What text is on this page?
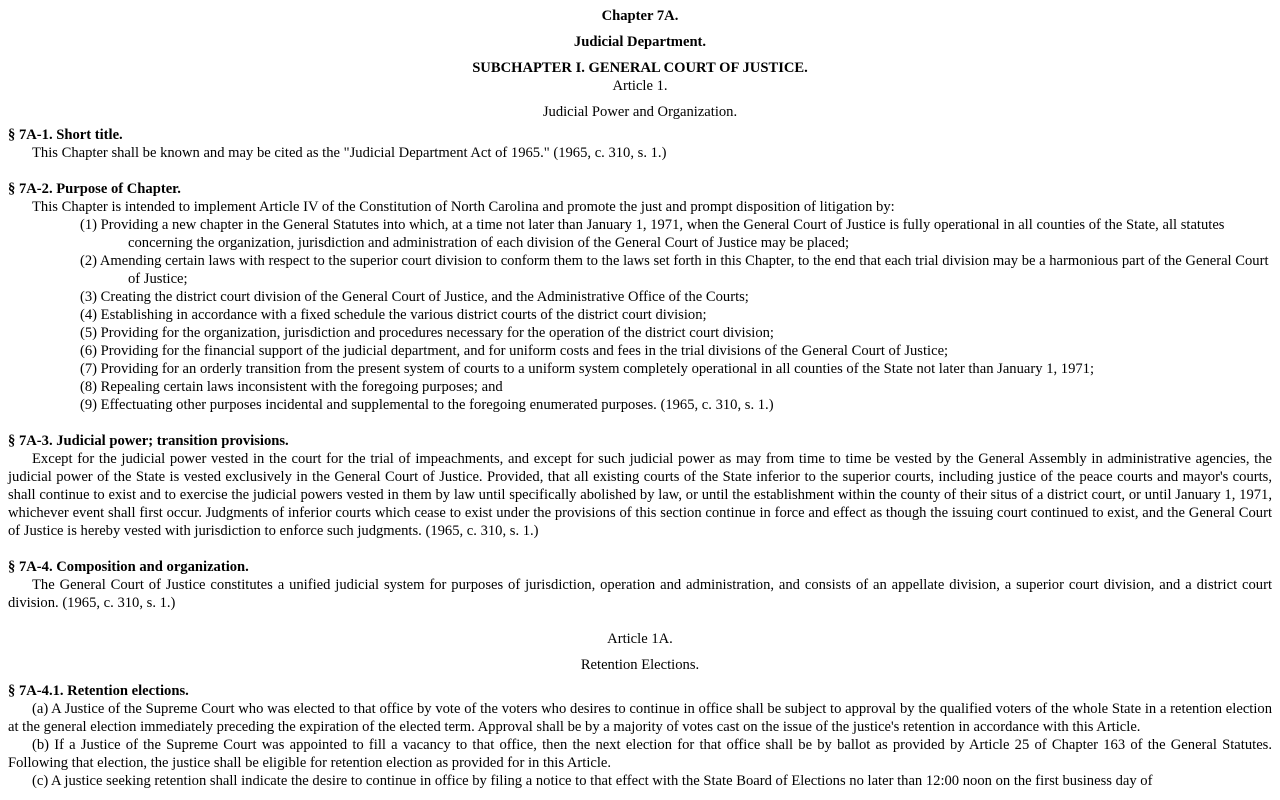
Chapter 7A.
Judicial Department.
SUBCHAPTER I. GENERAL COURT OF JUSTICE.
Article 1.
Judicial Power and Organization.
§ 7A-1. Short title.
This Chapter shall be known and may be cited as the "Judicial Department Act of 1965." (1965, c. 310, s. 1.)
§ 7A-2. Purpose of Chapter.
This Chapter is intended to implement Article IV of the Constitution of North Carolina and promote the just and prompt disposition of litigation by:
(1) Providing a new chapter in the General Statutes into which, at a time not later than January 1, 1971, when the General Court of Justice is fully operational in all counties of the State, all statutes concerning the organization, jurisdiction and administration of each division of the General Court of Justice may be placed;
(2) Amending certain laws with respect to the superior court division to conform them to the laws set forth in this Chapter, to the end that each trial division may be a harmonious part of the General Court of Justice;
(3) Creating the district court division of the General Court of Justice, and the Administrative Office of the Courts;
(4) Establishing in accordance with a fixed schedule the various district courts of the district court division;
(5) Providing for the organization, jurisdiction and procedures necessary for the operation of the district court division;
(6) Providing for the financial support of the judicial department, and for uniform costs and fees in the trial divisions of the General Court of Justice;
(7) Providing for an orderly transition from the present system of courts to a uniform system completely operational in all counties of the State not later than January 1, 1971;
(8) Repealing certain laws inconsistent with the foregoing purposes; and
(9) Effectuating other purposes incidental and supplemental to the foregoing enumerated purposes. (1965, c. 310, s. 1.)
§ 7A-3. Judicial power; transition provisions.
Except for the judicial power vested in the court for the trial of impeachments, and except for such judicial power as may from time to time be vested by the General Assembly in administrative agencies, the judicial power of the State is vested exclusively in the General Court of Justice. Provided, that all existing courts of the State inferior to the superior courts, including justice of the peace courts and mayor's courts, shall continue to exist and to exercise the judicial powers vested in them by law until specifically abolished by law, or until the establishment within the county of their situs of a district court, or until January 1, 1971, whichever event shall first occur. Judgments of inferior courts which cease to exist under the provisions of this section continue in force and effect as though the issuing court continued to exist, and the General Court of Justice is hereby vested with jurisdiction to enforce such judgments. (1965, c. 310, s. 1.)
§ 7A-4. Composition and organization.
The General Court of Justice constitutes a unified judicial system for purposes of jurisdiction, operation and administration, and consists of an appellate division, a superior court division, and a district court division. (1965, c. 310, s. 1.)
Article 1A.
Retention Elections.
§ 7A-4.1. Retention elections.
(a) A Justice of the Supreme Court who was elected to that office by vote of the voters who desires to continue in office shall be subject to approval by the qualified voters of the whole State in a retention election at the general election immediately preceding the expiration of the elected term. Approval shall be by a majority of votes cast on the issue of the justice's retention in accordance with this Article.
(b) If a Justice of the Supreme Court was appointed to fill a vacancy to that office, then the next election for that office shall be by ballot as provided by Article 25 of Chapter 163 of the General Statutes. Following that election, the justice shall be eligible for retention election as provided for in this Article.
(c) A justice seeking retention shall indicate the desire to continue in office by filing a notice to that effect with the State Board of Elections no later than 12:00 noon on the first business day of
